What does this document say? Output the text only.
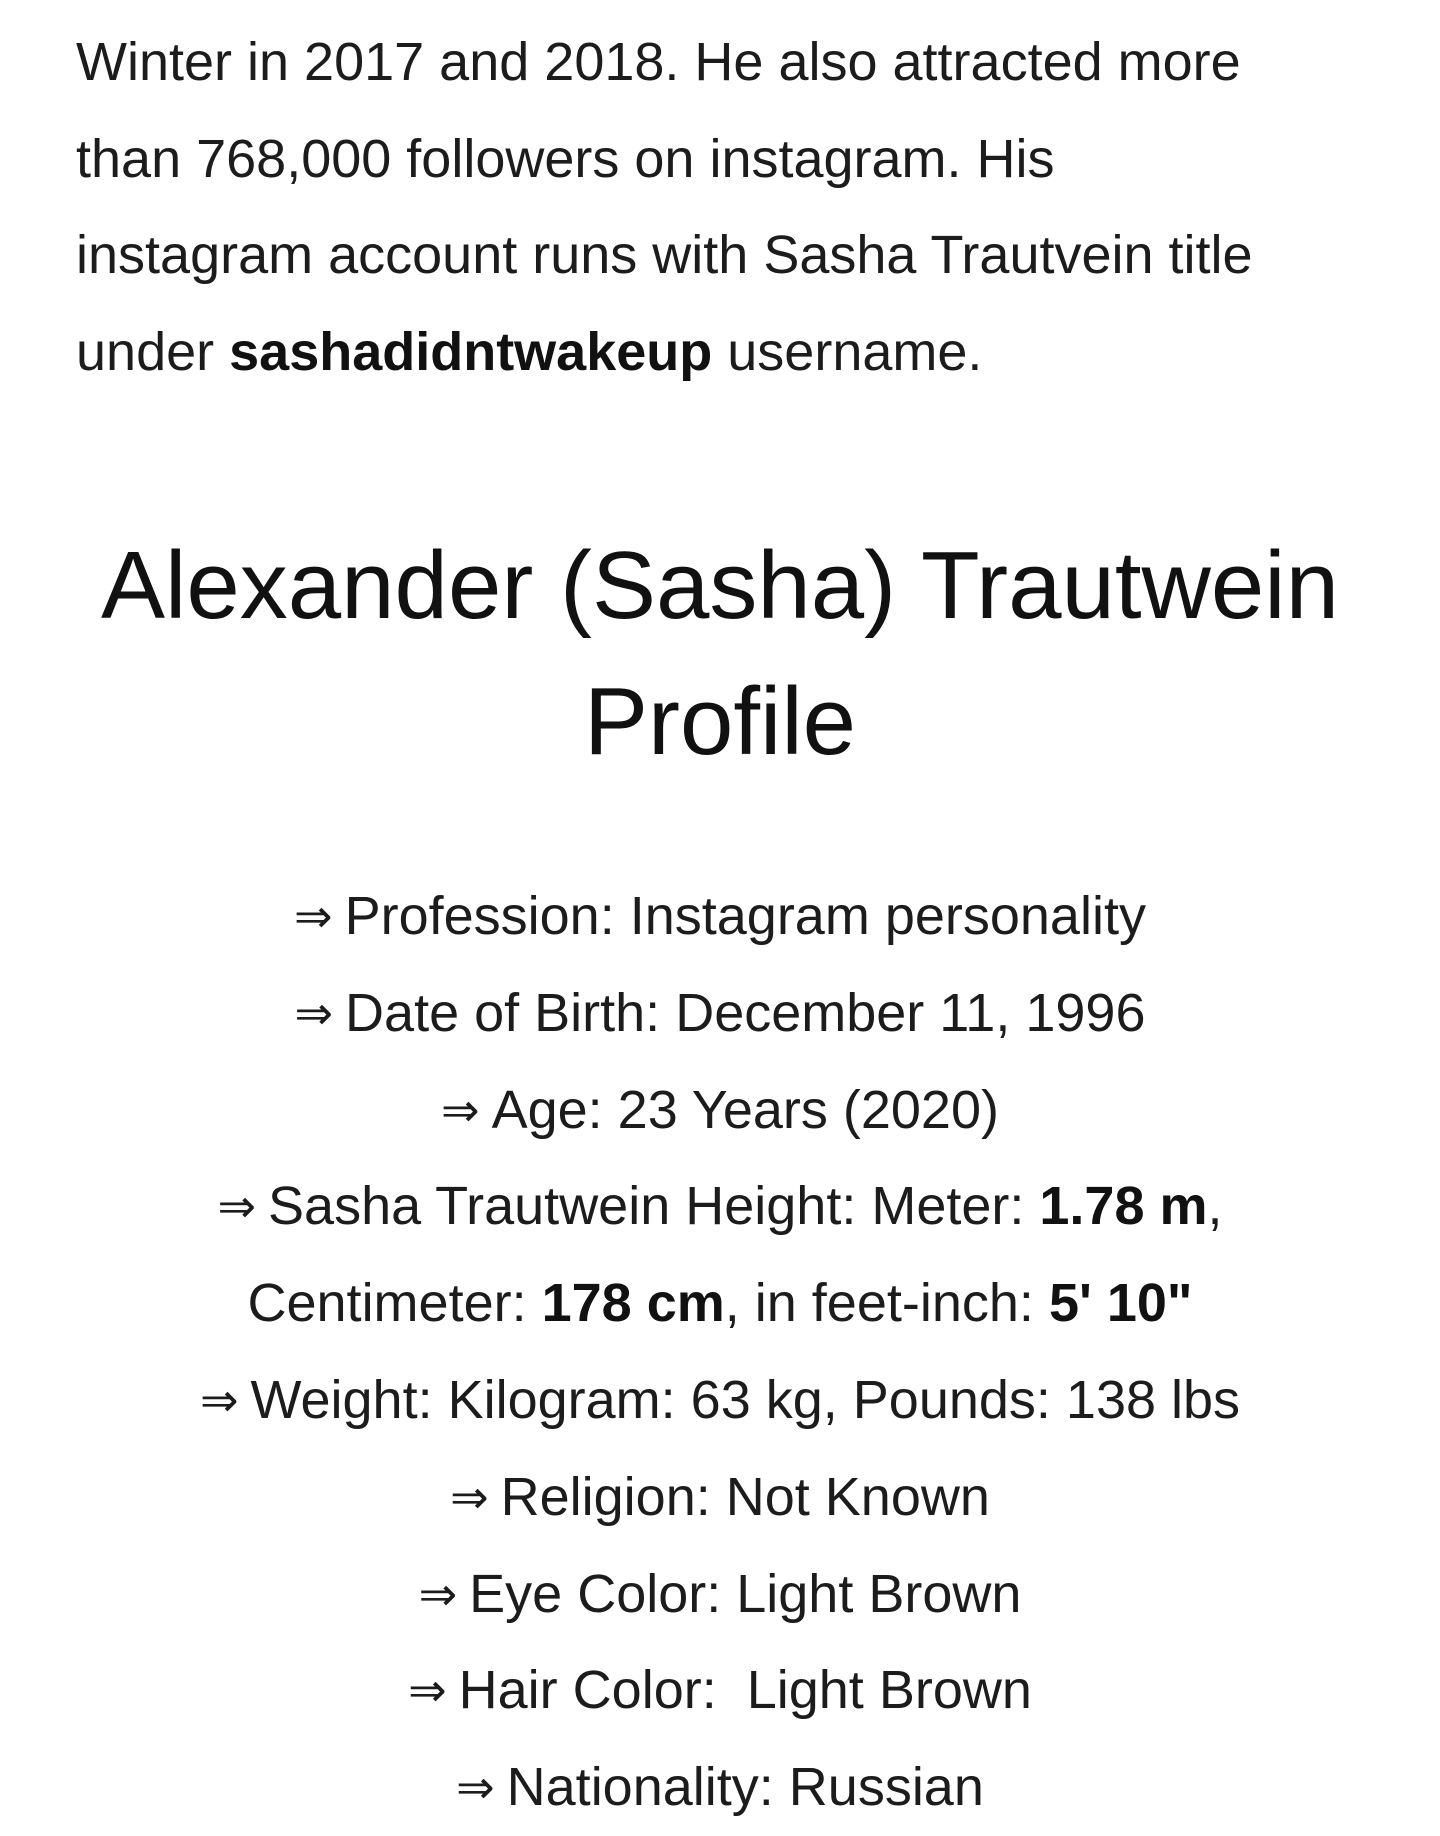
Winter in 2017 and 2018. He also attracted more
than 768,000 followers on instagram. His
instagram account runs with Sasha Trautvein title
under sashadidntwakeup username.

Alexander (Sasha) Trautwein
Profile

⇒ Profession: Instagram personality
⇒ Date of Birth: December 11, 1996
⇒ Age: 23 Years (2020)
⇒ Sasha Trautwein Height: Meter: 1.78 m,
Centimeter: 178 cm, in feet-inch: 5' 10"
⇒ Weight: Kilogram: 63 kg, Pounds: 138 lbs
⇒ Religion: Not Known
⇒ Eye Color: Light Brown
⇒ Hair Color:  Light Brown
⇒ Nationality: Russian
